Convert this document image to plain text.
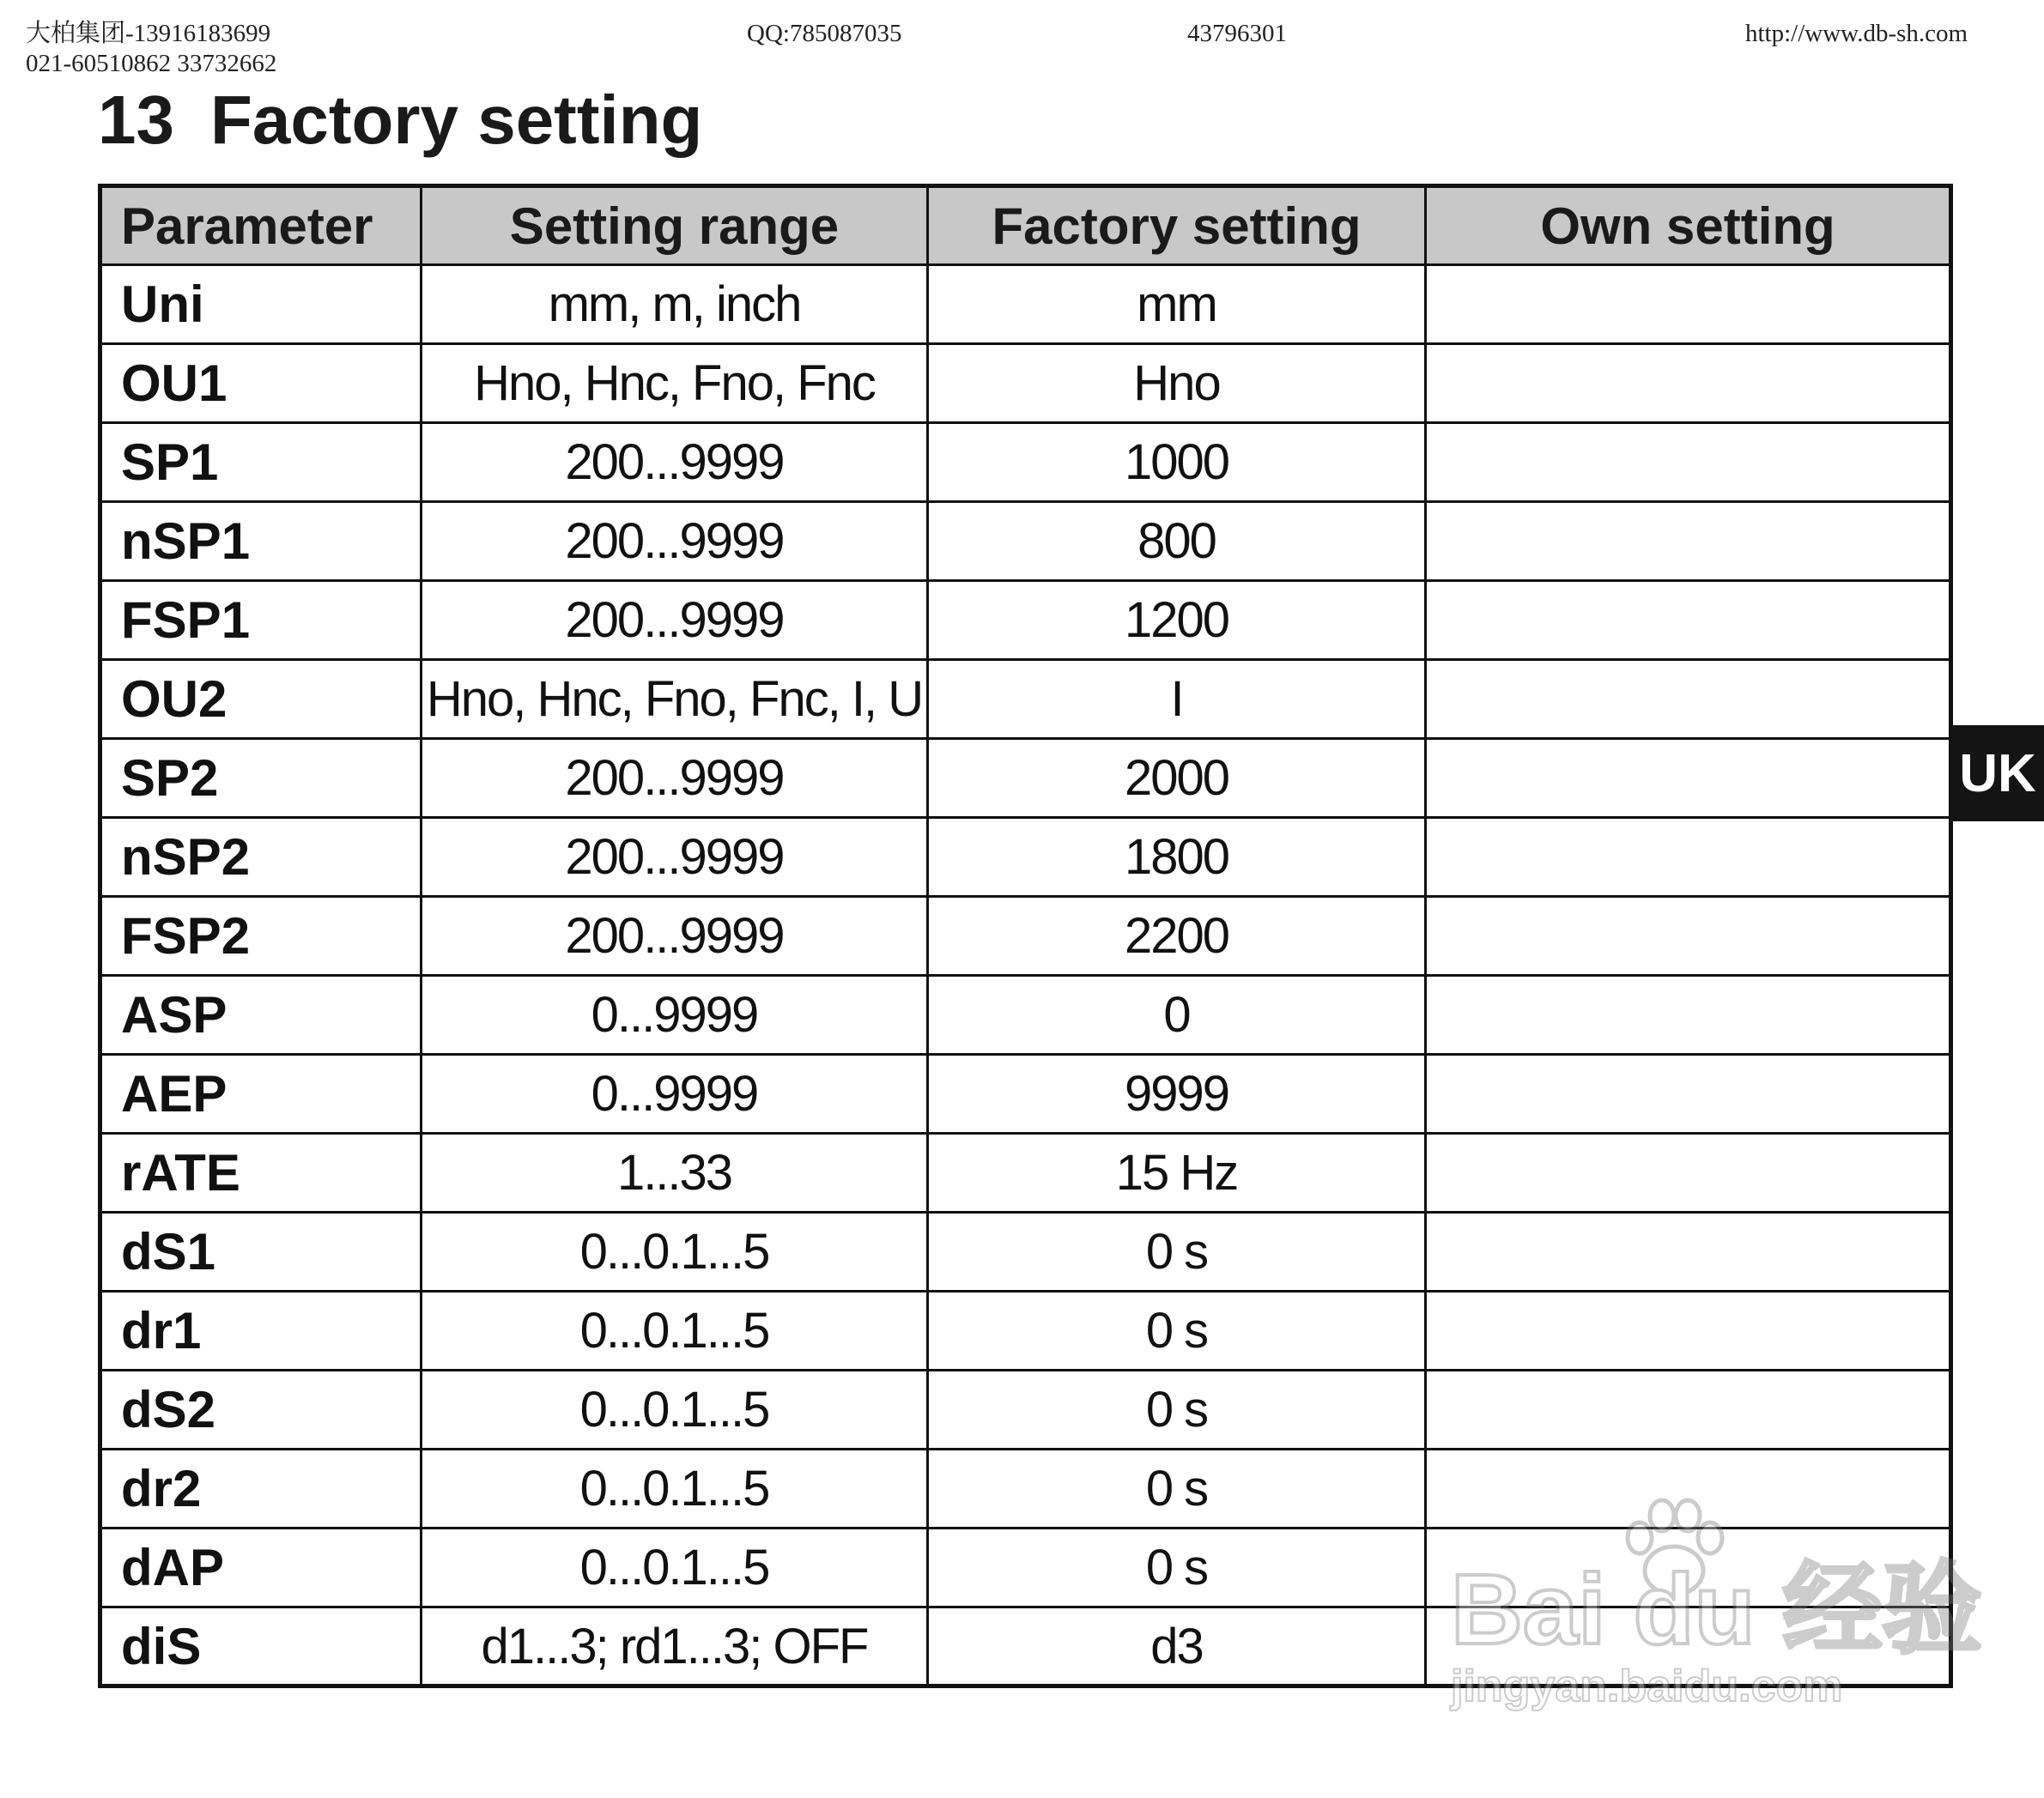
大柏集团-13916183699
021-60510862 33732662
QQ:785087035	43796301	http://www.db-sh.com
13 Factory setting
Parameter	Setting range	Factory setting	Own setting
Uni	mm, m, inch	mm	
OU1	Hno, Hnc, Fno, Fnc	Hno	
SP1	200...9999	1000	
nSP1	200...9999	800	
FSP1	200...9999	1200	
OU2	Hno, Hnc, Fno, Fnc, I, U	I	
SP2	200...9999	2000	
nSP2	200...9999	1800	
FSP2	200...9999	2200	
ASP	0...9999	0	
AEP	0...9999	9999	
rATE	1...33	15 Hz	
dS1	0...0.1...5	0 s	
dr1	0...0.1...5	0 s	
dS2	0...0.1...5	0 s	
dr2	0...0.1...5	0 s	
dAP	0...0.1...5	0 s	
diS	d1...3; rd1...3; OFF	d3	
UK
Bai du 经验
jingyan.baidu.com
